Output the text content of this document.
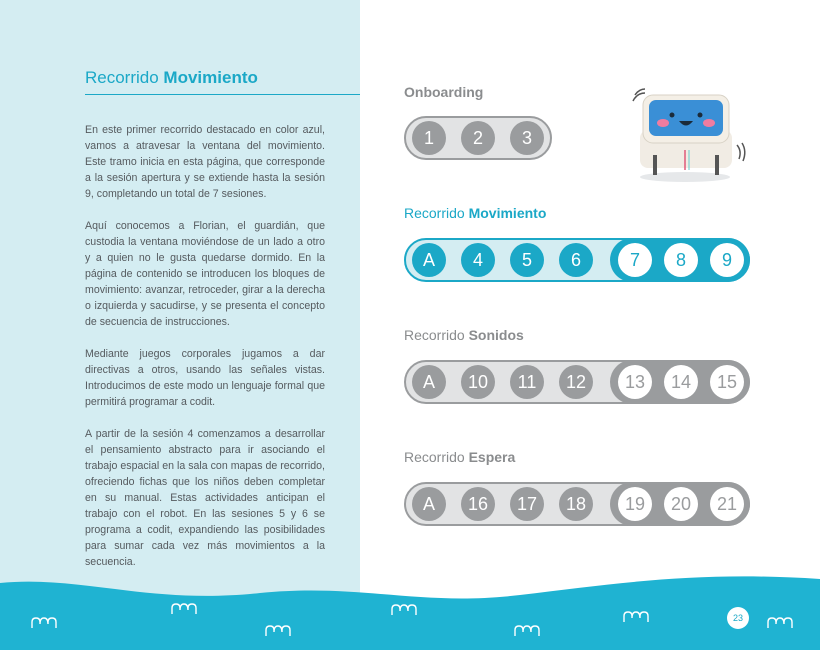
Recorrido Movimiento

En este primer recorrido destacado en color azul, vamos a atravesar la ventana del movimiento. Este tramo inicia en esta página, que corresponde a la sesión apertura y se extiende hasta la sesión 9, completando un total de 7 sesiones.

Aquí conocemos a Florian, el guardián, que custodia la ventana moviéndose de un lado a otro y a quien no le gusta quedarse dormido. En la página de contenido se introducen los bloques de movimiento: avanzar, retroceder, girar a la derecha o izquierda y sacudirse, y se presenta el concepto de secuencia de instrucciones.

Mediante juegos corporales jugamos a dar directivas a otros, usando las señales vistas. Introducimos de este modo un lenguaje formal que permitirá programar a codit.

A partir de la sesión 4 comenzamos a desarrollar el pensamiento abstracto para ir asociando el trabajo espacial en la sala con mapas de recorrido, ofreciendo fichas que los niños deben completar en su manual. Estas actividades anticipan el trabajo con el robot. En las sesiones 5 y 6 se programa a codit, expandiendo las posibilidades para sumar cada vez más movimientos a la secuencia.

Onboarding
1	2	3
Recorrido Movimiento
A	4	5	6	7	8	9
Recorrido Sonidos
A	10	11	12	13	14	15
Recorrido Espera
A	16	17	18	19	20	21
23
